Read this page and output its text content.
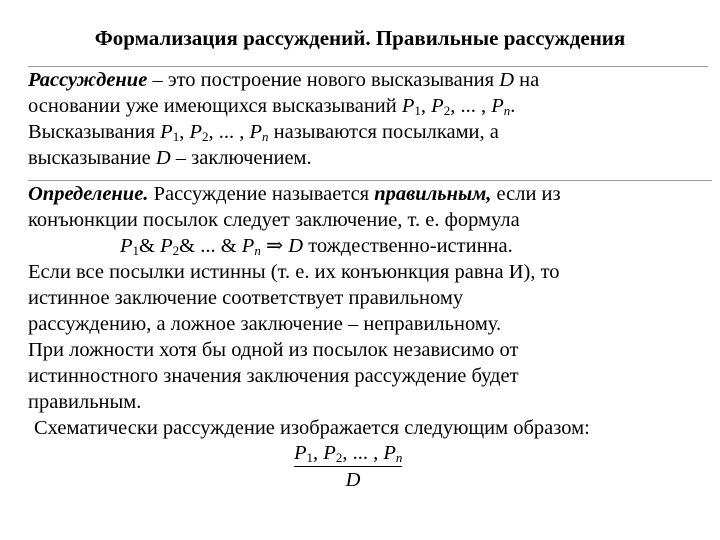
Формализация рассуждений. Правильные рассуждения
Рассуждение – это построение нового высказывания D на
основании уже имеющихся высказываний $P_1$, $P_2$, ... , $P_n$.
Высказывания $P_1$, $P_2$, ... , $P_n$ называются посылками, а
высказывание D – заключением.
Определение. Рассуждение называется правильным, если из
конъюнкции посылок следует заключение, т. е. формула
$P_1\&$ $P_2\&$ ... & $P_n$ ⇒ D тождественно-истинна.
Если все посылки истинны (т. е. их конъюнкция равна И), то
истинное заключение соответствует правильному
рассуждению, а ложное заключение – неправильному.
При ложности хотя бы одной из посылок независимо от
истинностного значения заключения рассуждение будет
правильным.
Схематически рассуждение изображается следующим образом:
$\frac{P_1, P_2, ... , P_n}{D}$
